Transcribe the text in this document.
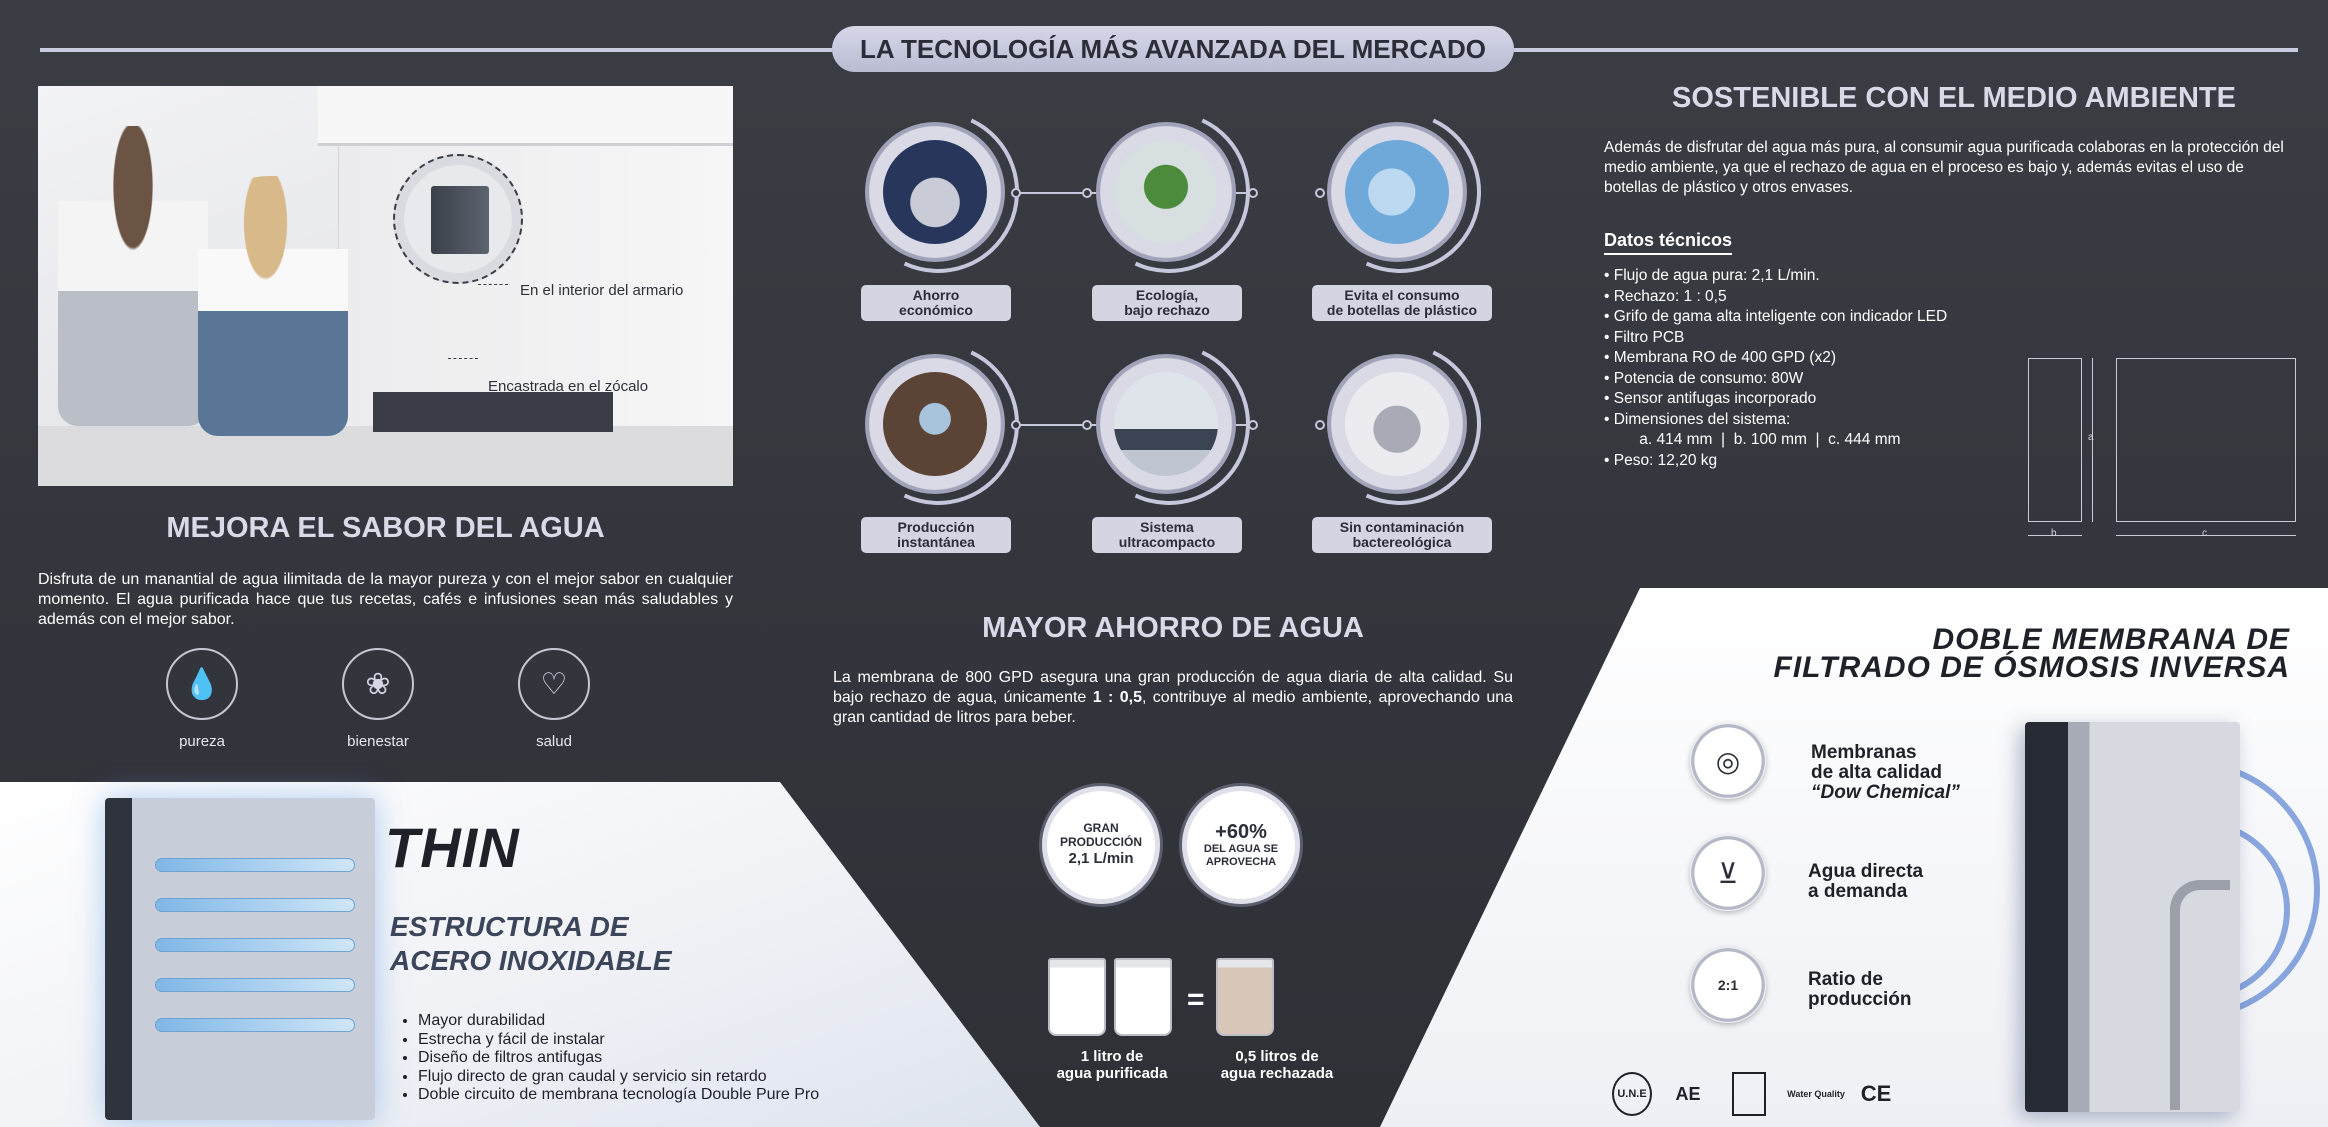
LA TECNOLOGÍA MÁS AVANZADA DEL MERCADO
En el interior del armario
Encastrada en el zócalo
MEJORA EL SABOR DEL AGUA
Disfruta de un manantial de agua ilimitada de la mayor pureza y con el mejor sabor en cualquier momento. El agua purificada hace que tus recetas, cafés e infusiones sean más saludables y además con el mejor sabor.
💧
pureza
❀
bienestar
♡
salud
Ahorro
económico
Ecología,
bajo rechazo
Evita el consumo
de botellas de plástico
Producción
instantánea
Sistema
ultracompacto
Sin contaminación
bactereológica
SOSTENIBLE CON EL MEDIO AMBIENTE
Además de disfrutar del agua más pura, al consumir agua purificada colaboras en la protección del medio ambiente, ya que el rechazo de agua en el proceso es bajo y, además evitas el uso de botellas de plástico y otros envases.
Datos técnicos
• Flujo de agua pura: 2,1 L/min.
• Rechazo: 1 : 0,5
• Grifo de gama alta inteligente con indicador LED
• Filtro PCB
• Membrana RO de 400 GPD (x2)
• Potencia de consumo: 80W
• Sensor antifugas incorporado
• Dimensiones del sistema:
a. 414 mm  |  b. 100 mm  |  c. 444 mm
• Peso: 12,20 kg
a
b	c
MAYOR AHORRO DE AGUA
La membrana de 800 GPD asegura una gran producción de agua diaria de alta calidad. Su bajo rechazo de agua, únicamente 1 : 0,5, contribuye al medio ambiente, aprovechando una gran cantidad de litros para beber.
GRAN
PRODUCCIÓN
2,1 L/min
+60%
DEL AGUA SE
APROVECHA
=
1 litro de
agua purificada
0,5 litros de
agua rechazada
THIN
ESTRUCTURA DE
ACERO INOXIDABLE
• Mayor durabilidad
• Estrecha y fácil de instalar
• Diseño de filtros antifugas
• Flujo directo de gran caudal y servicio sin retardo
• Doble circuito de membrana tecnología Double Pure Pro
DOBLE MEMBRANA DE
FILTRADO DE ÓSMOSIS INVERSA
◎	Membranas
de alta calidad
“Dow Chemical”
⊻	Agua directa
a demanda
2:1	Ratio de
producción
U.N.E	AE	Water Quality CE
